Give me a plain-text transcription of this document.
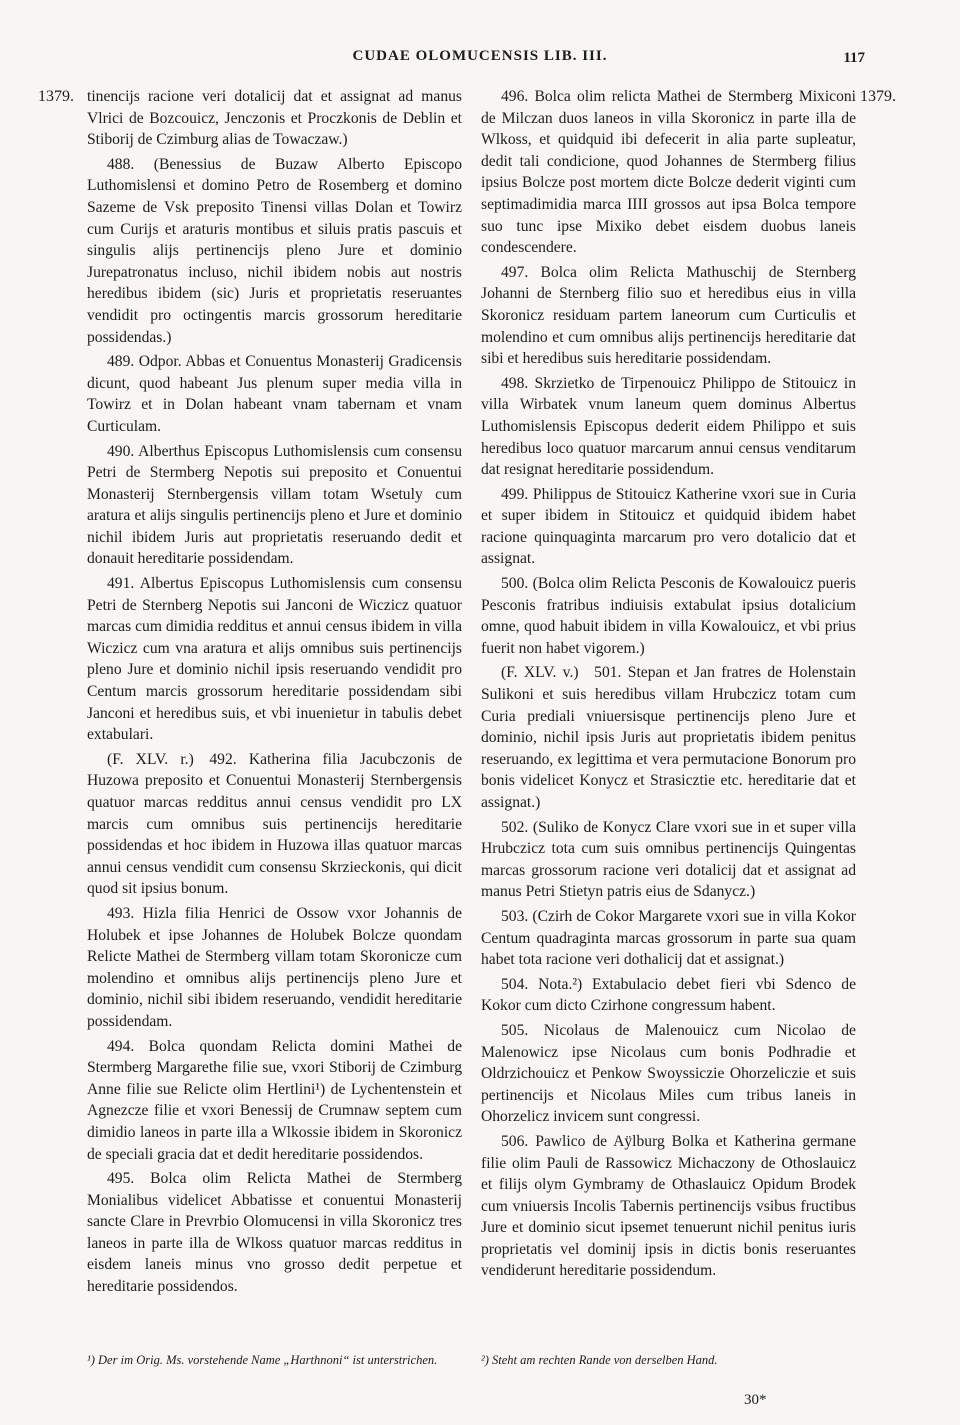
CUDAE OLOMUCENSIS LIB. III.	117
1379.	1379.

tinencijs racione veri dotalicij dat et assignat ad manus Vlrici de Bozcouicz, Jenczonis et Proczkonis de Deblin et Stiborij de Czimburg alias de Towaczaw.)

488. (Benessius de Buzaw Alberto Episcopo Luthomislensi et domino Petro de Rosemberg et domino Sazeme de Vsk preposito Tinensi villas Dolan et Towirz cum Curijs et araturis montibus et siluis pratis pascuis et singulis alijs pertinencijs pleno Jure et dominio Jurepatronatus incluso, nichil ibidem nobis aut nostris heredibus ibidem (sic) Juris et proprietatis reseruantes vendidit pro octingentis marcis grossorum hereditarie possidendas.)

489. Odpor. Abbas et Conuentus Monasterij Gradicensis dicunt, quod habeant Jus plenum super media villa in Towirz et in Dolan habeant vnam tabernam et vnam Curticulam.

490. Alberthus Episcopus Luthomislensis cum consensu Petri de Stermberg Nepotis sui preposito et Conuentui Monasterij Sternbergensis villam totam Wsetuly cum aratura et alijs singulis pertinencijs pleno et Jure et dominio nichil ibidem Juris aut proprietatis reseruando dedit et donauit hereditarie possidendam.

491. Albertus Episcopus Luthomislensis cum consensu Petri de Sternberg Nepotis sui Janconi de Wiczicz quatuor marcas cum dimidia redditus et annui census ibidem in villa Wiczicz cum vna aratura et alijs omnibus suis pertinencijs pleno Jure et dominio nichil ipsis reseruando vendidit pro Centum marcis grossorum hereditarie possidendam sibi Janconi et heredibus suis, et vbi inuenietur in tabulis debet extabulari.

(F. XLV. r.)  492. Katherina filia Jacubczonis de Huzowa preposito et Conuentui Monasterij Sternbergensis quatuor marcas redditus annui census vendidit pro LX marcis cum omnibus suis pertinencijs hereditarie possidendas et hoc ibidem in Huzowa illas quatuor marcas annui census vendidit cum consensu Skrzieckonis, qui dicit quod sit ipsius bonum.

493. Hizla filia Henrici de Ossow vxor Johannis de Holubek et ipse Johannes de Holubek Bolcze quondam Relicte Mathei de Stermberg villam totam Skoronicze cum molendino et omnibus alijs pertinencijs pleno Jure et dominio, nichil sibi ibidem reseruando, vendidit hereditarie possidendam.

494. Bolca quondam Relicta domini Mathei de Stermberg Margarethe filie sue, vxori Stiborij de Czimburg Anne filie sue Relicte olim Hertlini¹) de Lychentenstein et Agnezcze filie et vxori Benessij de Crumnaw septem cum dimidio laneos in parte illa a Wlkossie ibidem in Skoronicz de speciali gracia dat et dedit hereditarie possidendos.

495. Bolca olim Relicta Mathei de Stermberg Monialibus videlicet Abbatisse et conuentui Monasterij sancte Clare in Prevrbio Olomucensi in villa Skoronicz tres laneos in parte illa de Wlkoss quatuor marcas redditus in eisdem laneis minus vno grosso dedit perpetue et hereditarie possidendos.

496. Bolca olim relicta Mathei de Stermberg Mixiconi de Milczan duos laneos in villa Skoronicz in parte illa de Wlkoss, et quidquid ibi defecerit in alia parte supleatur, dedit tali condicione, quod Johannes de Stermberg filius ipsius Bolcze post mortem dicte Bolcze dederit viginti cum septimadimidia marca IIII grossos aut ipsa Bolca tempore suo tunc ipse Mixiko debet eisdem duobus laneis condescendere.

497. Bolca olim Relicta Mathuschij de Sternberg Johanni de Sternberg filio suo et heredibus eius in villa Skoronicz residuam partem laneorum cum Curticulis et molendino et cum omnibus alijs pertinencijs hereditarie dat sibi et heredibus suis hereditarie possidendam.

498. Skrzietko de Tirpenouicz Philippo de Stitouicz in villa Wirbatek vnum laneum quem dominus Albertus Luthomislensis Episcopus dederit eidem Philippo et suis heredibus loco quatuor marcarum annui census venditarum dat resignat hereditarie possidendum.

499. Philippus de Stitouicz Katherine vxori sue in Curia et super ibidem in Stitouicz et quidquid ibidem habet racione quinquaginta marcarum pro vero dotalicio dat et assignat.

500. (Bolca olim Relicta Pesconis de Kowalouicz pueris Pesconis fratribus indiuisis extabulat ipsius dotalicium omne, quod habuit ibidem in villa Kowalouicz, et vbi prius fuerit non habet vigorem.)

(F. XLV. v.)  501. Stepan et Jan fratres de Holenstain Sulikoni et suis heredibus villam Hrubczicz totam cum Curia prediali vniuersisque pertinencijs pleno Jure et dominio, nichil ipsis Juris aut proprietatis ibidem penitus reseruando, ex legittima et vera permutacione Bonorum pro bonis videlicet Konycz et Strasicztie etc. hereditarie dat et assignat.)

502. (Suliko de Konycz Clare vxori sue in et super villa Hrubczicz tota cum suis omnibus pertinencijs Quingentas marcas grossorum racione veri dotalicij dat et assignat ad manus Petri Stietyn patris eius de Sdanycz.)

503. (Czirh de Cokor Margarete vxori sue in villa Kokor Centum quadraginta marcas grossorum in parte sua quam habet tota racione veri dothalicij dat et assignat.)

504. Nota.²) Extabulacio debet fieri vbi Sdenco de Kokor cum dicto Czirhone congressum habent.

505. Nicolaus de Malenouicz cum Nicolao de Malenowicz ipse Nicolaus cum bonis Podhradie et Oldrzichouicz et Penkow Swoyssiczie Ohorzeliczie et suis pertinencijs et Nicolaus Miles cum tribus laneis in Ohorzelicz invicem sunt congressi.

506. Pawlico de Aÿlburg Bolka et Katherina germane filie olim Pauli de Rassowicz Michaczony de Othoslauicz et filijs olym Gymbramy de Othaslauicz Opidum Brodek cum vniuersis Incolis Tabernis pertinencijs vsibus fructibus Jure et dominio sicut ipsemet tenuerunt nichil penitus iuris proprietatis vel dominij ipsis in dictis bonis reseruantes vendiderunt hereditarie possidendum.

¹) Der im Orig. Ms. vorstehende Name „Harthnoni“ ist unterstrichen.	²) Steht am rechten Rande von derselben Hand.
30*
